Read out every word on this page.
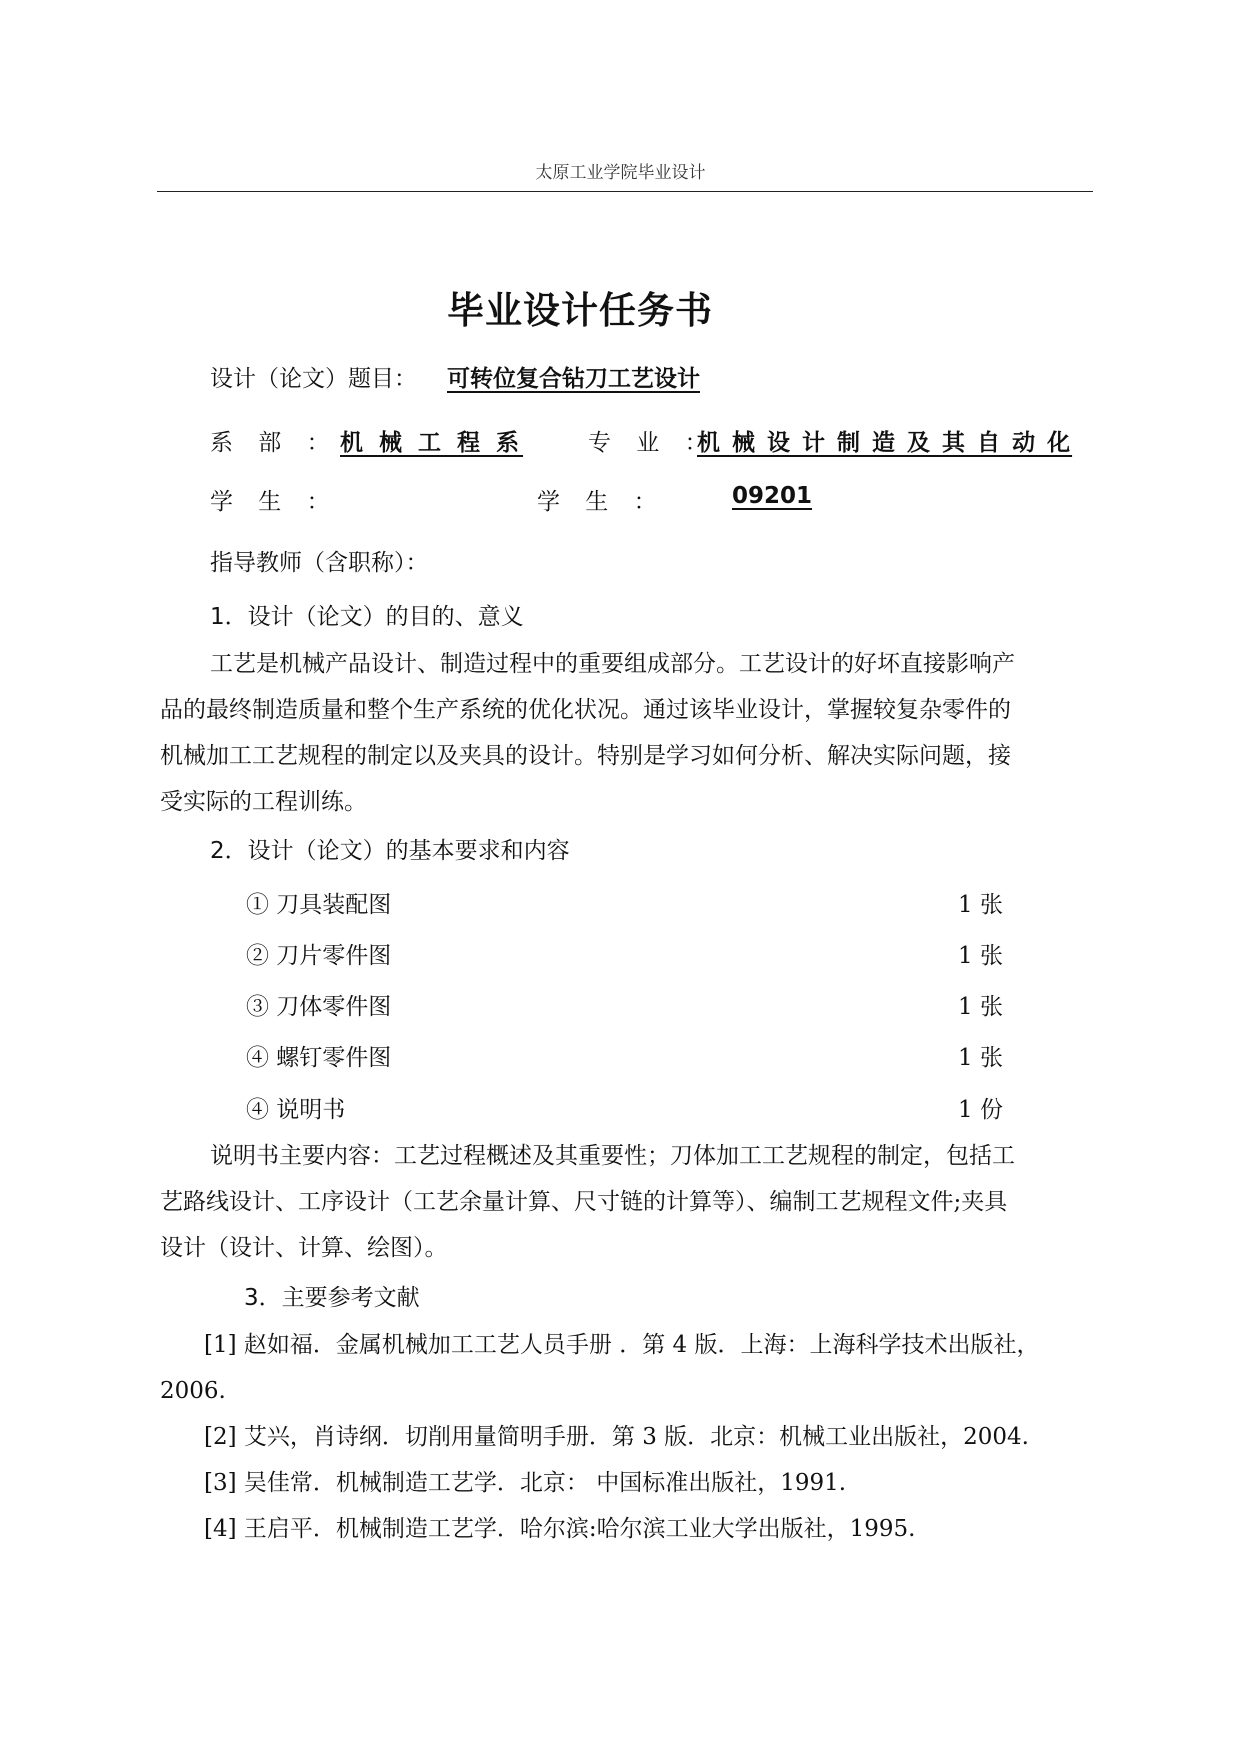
太原工业学院毕业设计
毕业设计任务书
设计（论文）题目： 可转位复合钻刀工艺设计
系 部 ： 机 械 工 程 系	专 业 ：
机 械 设 计 制 造 及 其 自 动 化
学 生 ：	学 生 ：	09201
指导教师（含职称）：
1．设计（论文）的目的、意义
工艺是机械产品设计、制造过程中的重要组成部分。工艺设计的好坏直接影响产
品的最终制造质量和整个生产系统的优化状况。通过该毕业设计，掌握较复杂零件的
机械加工工艺规程的制定以及夹具的设计。特别是学习如何分析、解决实际问题，接
受实际的工程训练。
2．设计（论文）的基本要求和内容
① 刀具装配图	1 张
② 刀片零件图	1 张
③ 刀体零件图	1 张
④ 螺钉零件图	1 张
④ 说明书	1 份
说明书主要内容：工艺过程概述及其重要性；刀体加工工艺规程的制定，包括工
艺路线设计、工序设计（工艺余量计算、尺寸链的计算等）、编制工艺规程文件;夹具
设计（设计、计算、绘图）。
3．主要参考文献
[1] 赵如福．金属机械加工工艺人员手册 ．第 4 版．上海：上海科学技术出版社，
2006.
[2] 艾兴，肖诗纲．切削用量简明手册．第 3 版．北京：机械工业出版社，2004.
[3] 吴佳常．机械制造工艺学．北京： 中国标准出版社，1991.
[4] 王启平．机械制造工艺学．哈尔滨:哈尔滨工业大学出版社，1995.
